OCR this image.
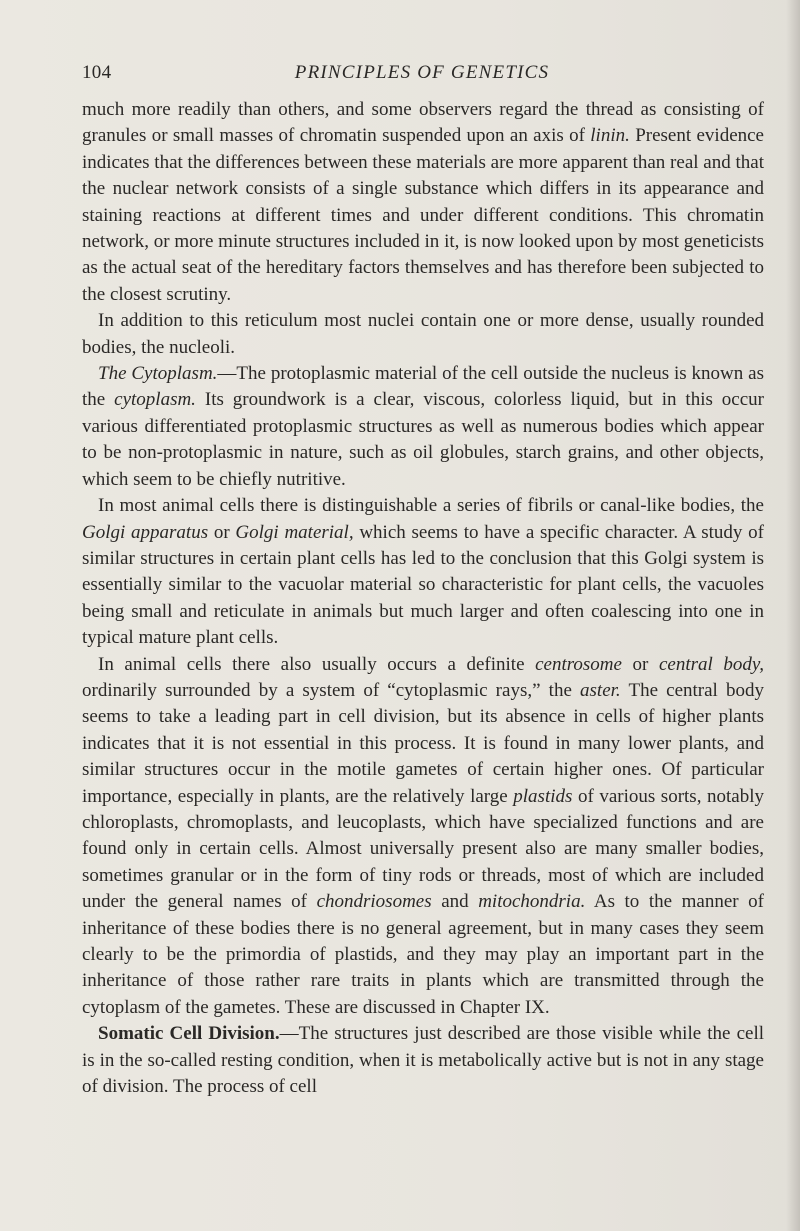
104	PRINCIPLES OF GENETICS

much more readily than others, and some observers regard the thread as consisting of granules or small masses of chromatin suspended upon an axis of linin. Present evidence indicates that the differences between these materials are more apparent than real and that the nuclear network consists of a single substance which differs in its appearance and staining reactions at different times and under different conditions. This chromatin network, or more minute structures included in it, is now looked upon by most geneticists as the actual seat of the hereditary factors themselves and has therefore been subjected to the closest scrutiny.

In addition to this reticulum most nuclei contain one or more dense, usually rounded bodies, the nucleoli.

The Cytoplasm.—The protoplasmic material of the cell outside the nucleus is known as the cytoplasm. Its groundwork is a clear, viscous, colorless liquid, but in this occur various differentiated protoplasmic structures as well as numerous bodies which appear to be non-protoplasmic in nature, such as oil globules, starch grains, and other objects, which seem to be chiefly nutritive.

In most animal cells there is distinguishable a series of fibrils or canal-like bodies, the Golgi apparatus or Golgi material, which seems to have a specific character. A study of similar structures in certain plant cells has led to the conclusion that this Golgi system is essentially similar to the vacuolar material so characteristic for plant cells, the vacuoles being small and reticulate in animals but much larger and often coalescing into one in typical mature plant cells.

In animal cells there also usually occurs a definite centrosome or central body, ordinarily surrounded by a system of “cytoplasmic rays,” the aster. The central body seems to take a leading part in cell division, but its absence in cells of higher plants indicates that it is not essential in this process. It is found in many lower plants, and similar structures occur in the motile gametes of certain higher ones. Of particular importance, especially in plants, are the relatively large plastids of various sorts, notably chloroplasts, chromoplasts, and leucoplasts, which have specialized functions and are found only in certain cells. Almost universally present also are many smaller bodies, sometimes granular or in the form of tiny rods or threads, most of which are included under the general names of chondriosomes and mitochondria. As to the manner of inheritance of these bodies there is no general agreement, but in many cases they seem clearly to be the primordia of plastids, and they may play an important part in the inheritance of those rather rare traits in plants which are transmitted through the cytoplasm of the gametes. These are discussed in Chapter IX.

Somatic Cell Division.—The structures just described are those visible while the cell is in the so-called resting condition, when it is metabolically active but is not in any stage of division. The process of cell
